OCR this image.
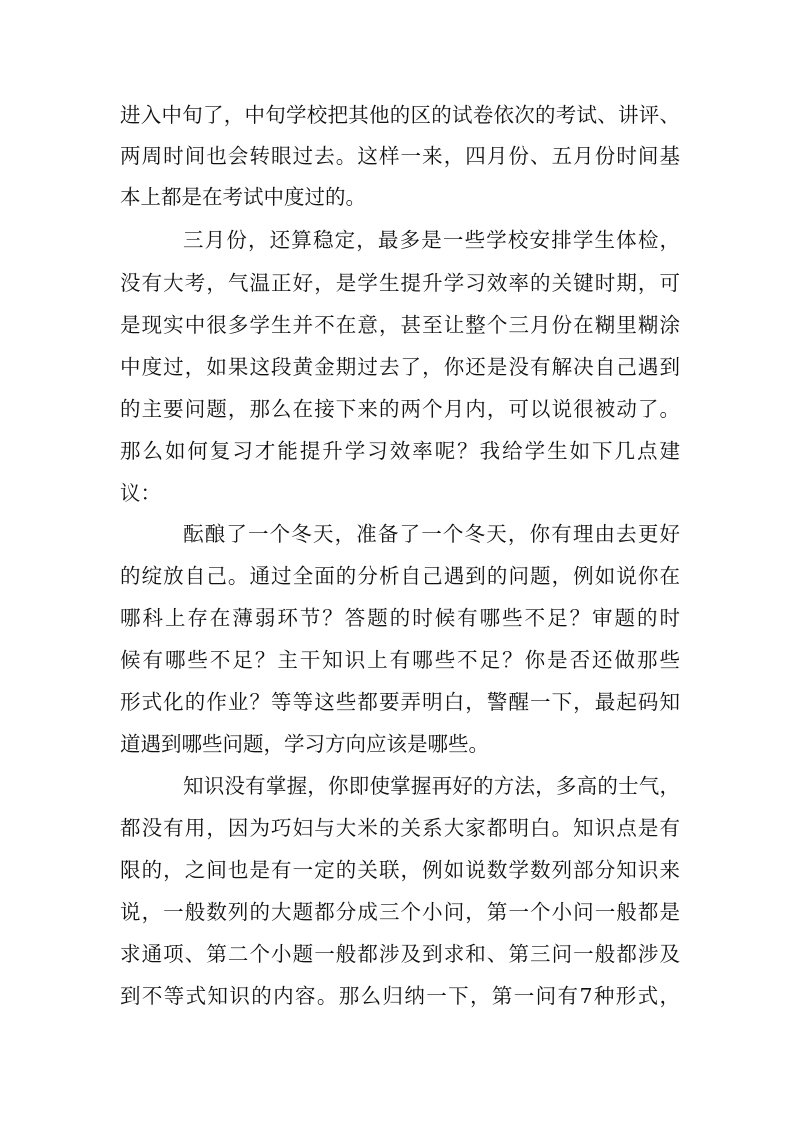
进入中旬了，中旬学校把其他的区的试卷依次的考试、讲评、
两周时间也会转眼过去。这样一来，四月份、五月份时间基
本上都是在考试中度过的。
三月份，还算稳定，最多是一些学校安排学生体检，
没有大考，气温正好，是学生提升学习效率的关键时期，可
是现实中很多学生并不在意，甚至让整个三月份在糊里糊涂
中度过，如果这段黄金期过去了，你还是没有解决自己遇到
的主要问题，那么在接下来的两个月内，可以说很被动了。
那么如何复习才能提升学习效率呢？我给学生如下几点建
议：
酝酿了一个冬天，准备了一个冬天，你有理由去更好
的绽放自己。通过全面的分析自己遇到的问题，例如说你在
哪科上存在薄弱环节？答题的时候有哪些不足？审题的时
候有哪些不足？主干知识上有哪些不足？你是否还做那些
形式化的作业？等等这些都要弄明白，警醒一下，最起码知
道遇到哪些问题，学习方向应该是哪些。
知识没有掌握，你即使掌握再好的方法，多高的士气，
都没有用，因为巧妇与大米的关系大家都明白。知识点是有
限的，之间也是有一定的关联，例如说数学数列部分知识来
说，一般数列的大题都分成三个小问，第一个小问一般都是
求通项、第二个小题一般都涉及到求和、第三问一般都涉及
到不等式知识的内容。那么归纳一下，第一问有7种形式，
